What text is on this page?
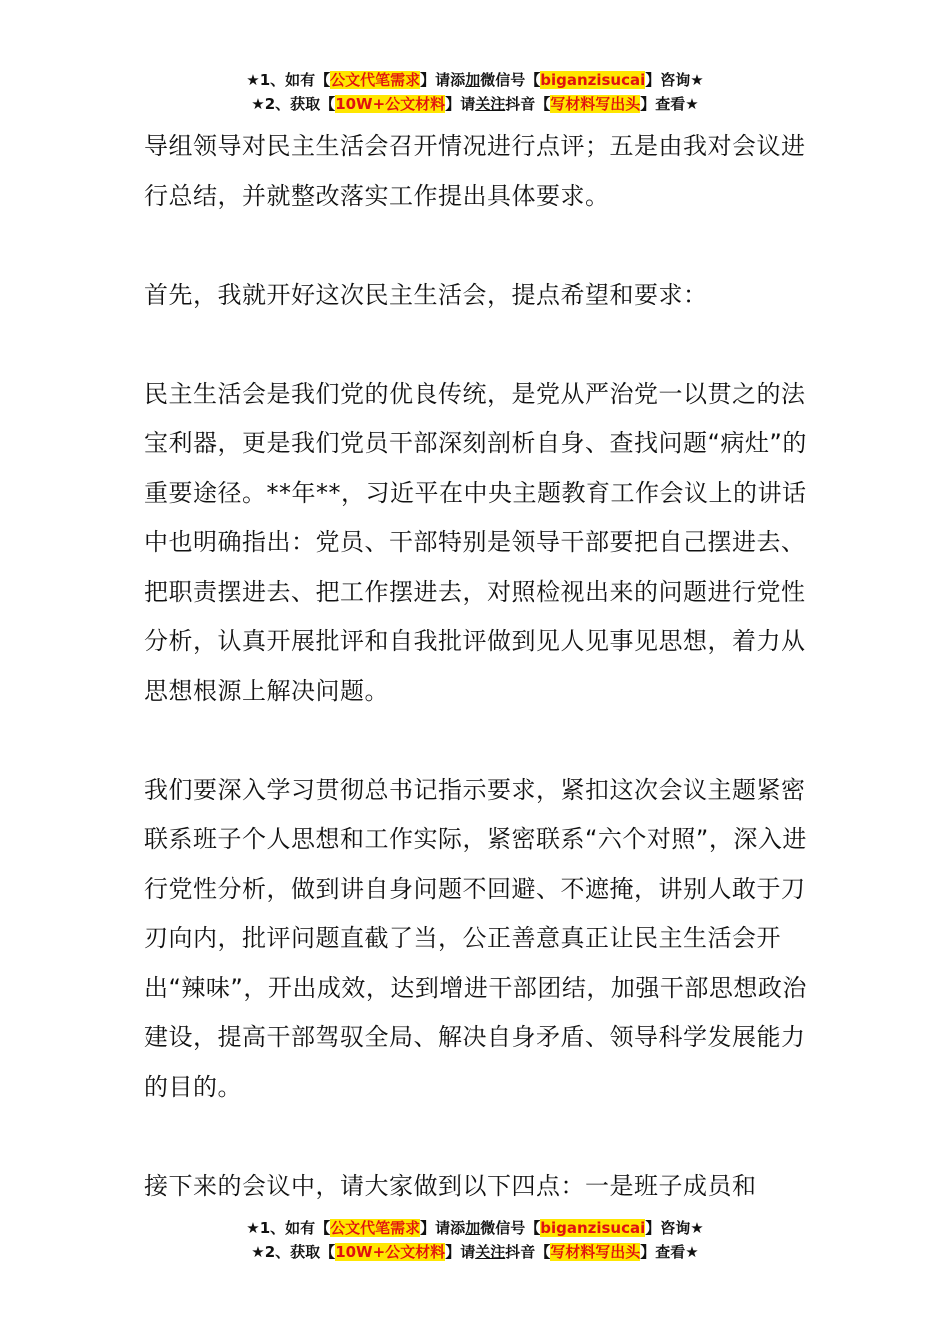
★1、如有【公文代笔需求】请添加微信号【biganzisucai】咨询★
★2、获取【10W+公文材料】请关注抖音【写材料写出头】查看★

导组领导对民主生活会召开情况进行点评；五是由我对会议进行总结，并就整改落实工作提出具体要求。

首先，我就开好这次民主生活会，提点希望和要求：

民主生活会是我们党的优良传统，是党从严治党一以贯之的法宝利器，更是我们党员干部深刻剖析自身、查找问题“病灶”的重要途径。**年**，习近平在中央主题教育工作会议上的讲话中也明确指出：党员、干部特别是领导干部要把自己摆进去、把职责摆进去、把工作摆进去，对照检视出来的问题进行党性分析，认真开展批评和自我批评做到见人见事见思想，着力从思想根源上解决问题。

我们要深入学习贯彻总书记指示要求，紧扣这次会议主题紧密联系班子个人思想和工作实际，紧密联系“六个对照”，深入进行党性分析，做到讲自身问题不回避、不遮掩，讲别人敢于刀刃向内，批评问题直截了当，公正善意真正让民主生活会开出“辣味”，开出成效，达到增进干部团结，加强干部思想政治建设，提高干部驾驭全局、解决自身矛盾、领导科学发展能力的目的。

接下来的会议中，请大家做到以下四点：一是班子成员和

★1、如有【公文代笔需求】请添加微信号【biganzisucai】咨询★
★2、获取【10W+公文材料】请关注抖音【写材料写出头】查看★
